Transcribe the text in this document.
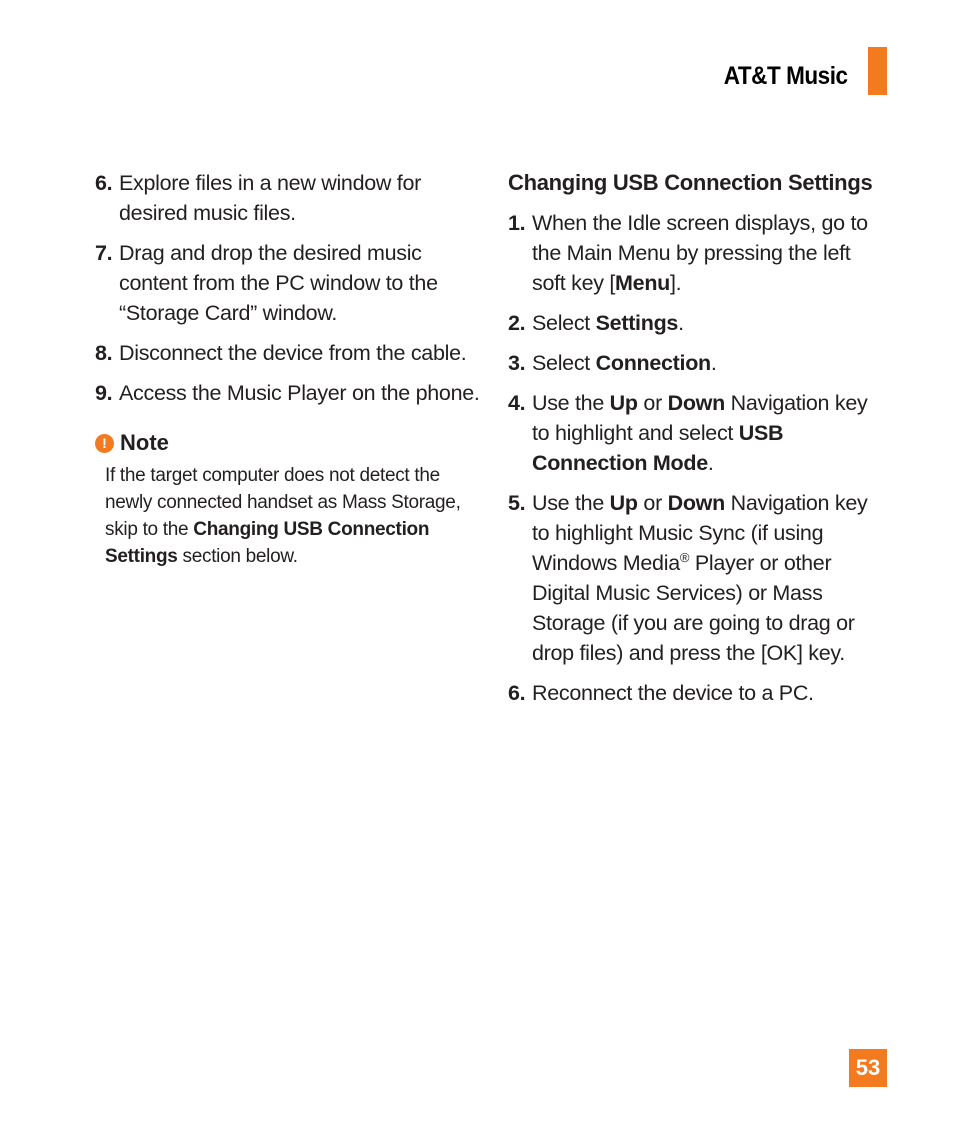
AT&T Music
6. Explore files in a new window for desired music files.
7. Drag and drop the desired music content from the PC window to the “Storage Card” window.
8. Disconnect the device from the cable.
9. Access the Music Player on the phone.
! Note
If the target computer does not detect the newly connected handset as Mass Storage, skip to the Changing USB Connection Settings section below.
Changing USB Connection Settings
1. When the Idle screen displays, go to the Main Menu by pressing the left soft key [Menu].
2. Select Settings.
3. Select Connection.
4. Use the Up or Down Navigation key to highlight and select USB Connection Mode.
5. Use the Up or Down Navigation key to highlight Music Sync (if using Windows Media® Player or other Digital Music Services) or Mass Storage (if you are going to drag or drop files) and press the [OK] key.
6. Reconnect the device to a PC.
53
